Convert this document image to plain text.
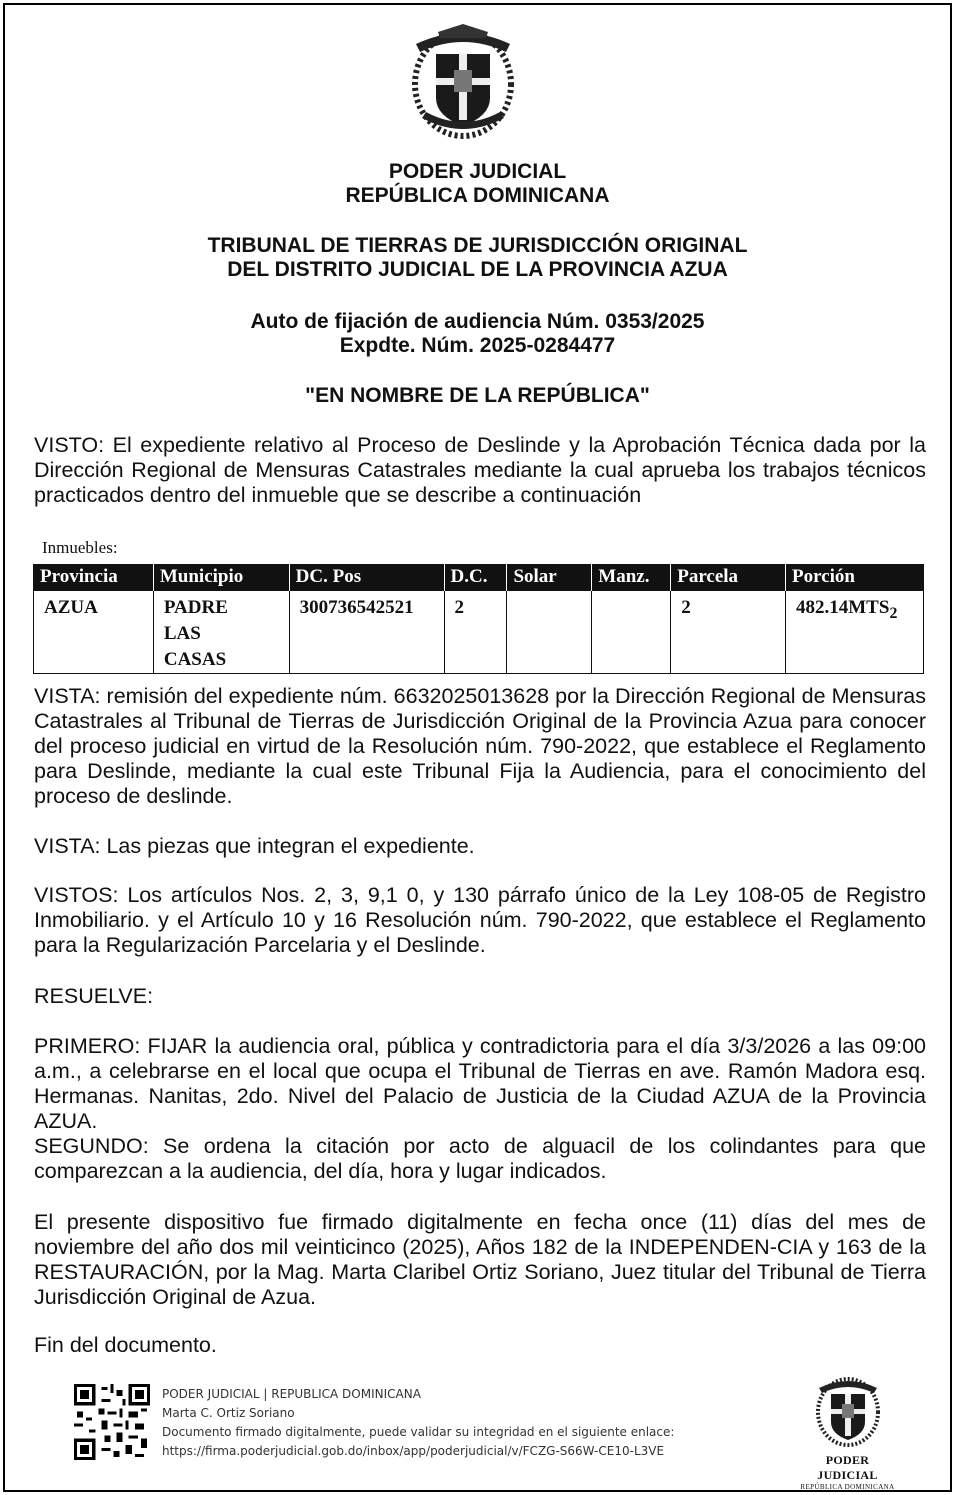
PODER JUDICIAL
REPÚBLICA DOMINICANA
TRIBUNAL DE TIERRAS DE JURISDICCIÓN ORIGINAL
DEL DISTRITO JUDICIAL DE LA PROVINCIA AZUA
Auto de fijación de audiencia Núm. 0353/2025
Expdte. Núm. 2025-0284477
"EN NOMBRE DE LA REPÚBLICA"
VISTO: El expediente relativo al Proceso de Deslinde y la Aprobación Técnica dada por la Dirección Regional de Mensuras Catastrales mediante la cual aprueba los trabajos técnicos practicados dentro del inmueble que se describe a continuación
Inmuebles:
Provincia	Municipio	DC. Pos	D.C.	Solar	Manz.	Parcela	Porción
AZUA	PADRE
LAS
CASAS	300736542521	2			2	$482.14MTS_2$
VISTA: remisión del expediente núm. 6632025013628 por la Dirección Regional de Mensuras Catastrales al Tribunal de Tierras de Jurisdicción Original de la Provincia Azua para conocer del proceso judicial en virtud de la Resolución núm. 790-2022, que establece el Reglamento para Deslinde, mediante la cual este Tribunal Fija la Audiencia, para el conocimiento del proceso de deslinde.
VISTA: Las piezas que integran el expediente.
VISTOS: Los artículos Nos. 2, 3, 9,1 0, y 130 párrafo único de la Ley 108-05 de Registro Inmobiliario. y el Artículo 10 y 16 Resolución núm. 790-2022, que establece el Reglamento para la Regularización Parcelaria y el Deslinde.
RESUELVE:
PRIMERO: FIJAR la audiencia oral, pública y contradictoria para el día 3/3/2026 a las 09:00 a.m., a celebrarse en el local que ocupa el Tribunal de Tierras en ave. Ramón Madora esq. Hermanas. Nanitas, 2do. Nivel del Palacio de Justicia de la Ciudad AZUA de la Provincia AZUA.
SEGUNDO: Se ordena la citación por acto de alguacil de los colindantes para que comparezcan a la audiencia, del día, hora y lugar indicados.
El presente dispositivo fue firmado digitalmente en fecha once (11) días del mes de noviembre del año dos mil veinticinco (2025), Años 182 de la INDEPENDEN-CIA y 163 de la RESTAURACIÓN, por la Mag. Marta Claribel Ortiz Soriano, Juez titular del Tribunal de Tierra Jurisdicción Original de Azua.
Fin del documento.
PODER JUDICIAL | REPUBLICA DOMINICANA
Marta C. Ortiz Soriano
Documento firmado digitalmente, puede validar su integridad en el siguiente enlace:
https://firma.poderjudicial.gob.do/inbox/app/poderjudicial/v/FCZG-S66W-CE10-L3VE
PODER JUDICIAL
REPÚBLICA DOMINICANA
